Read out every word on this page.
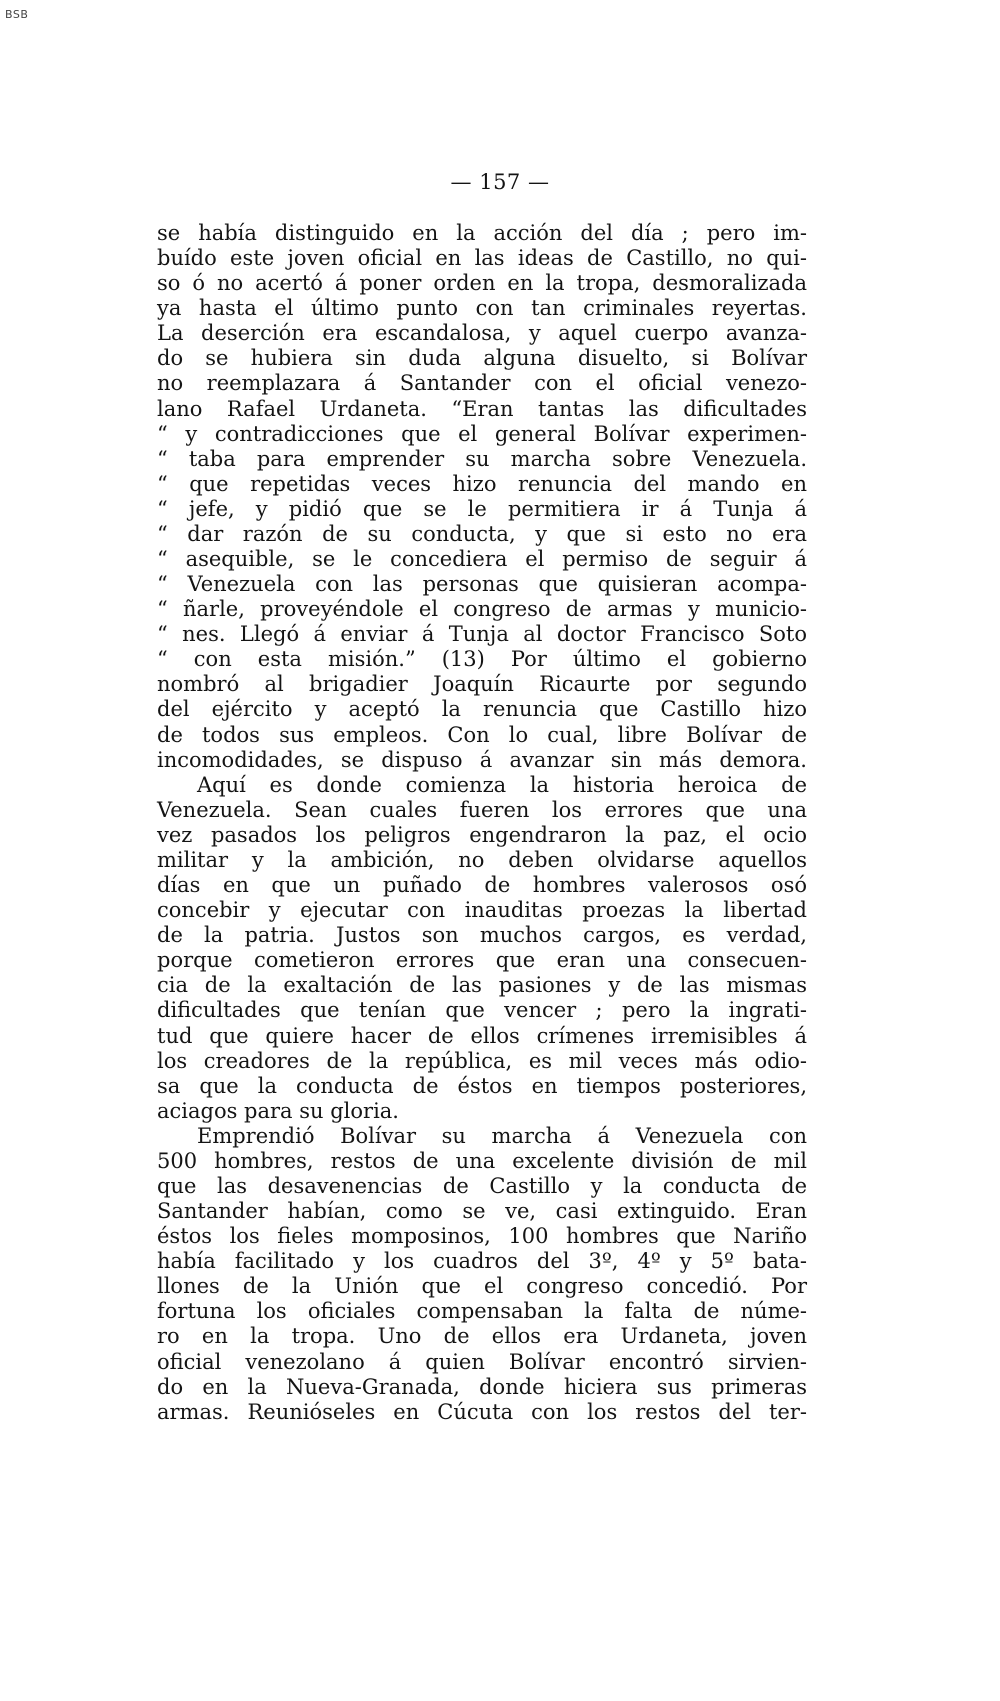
BSB
— 157 —
se había distinguido en la acción del día ; pero im-
buído este joven oficial en las ideas de Castillo, no qui-
so ó no acertó á poner orden en la tropa, desmoralizada
ya hasta el último punto con tan criminales reyertas.
La deserción era escandalosa, y aquel cuerpo avanza-
do se hubiera sin duda alguna disuelto, si Bolívar
no reemplazara á Santander con el oficial venezo-
lano Rafael Urdaneta. “Eran tantas las dificultades
“ y contradicciones que el general Bolívar experimen-
“ taba para emprender su marcha sobre Venezuela.
“ que repetidas veces hizo renuncia del mando en
“ jefe, y pidió que se le permitiera ir á Tunja á
“ dar razón de su conducta, y que si esto no era
“ asequible, se le concediera el permiso de seguir á
“ Venezuela con las personas que quisieran acompa-
“ ñarle, proveyéndole el congreso de armas y municio-
“ nes. Llegó á enviar á Tunja al doctor Francisco Soto
“ con esta misión.” (13) Por último el gobierno
nombró al brigadier Joaquín Ricaurte por segundo
del ejército y aceptó la renuncia que Castillo hizo
de todos sus empleos. Con lo cual, libre Bolívar de
incomodidades, se dispuso á avanzar sin más demora.
Aquí es donde comienza la historia heroica de
Venezuela. Sean cuales fueren los errores que una
vez pasados los peligros engendraron la paz, el ocio
militar y la ambición, no deben olvidarse aquellos
días en que un puñado de hombres valerosos osó
concebir y ejecutar con inauditas proezas la libertad
de la patria. Justos son muchos cargos, es verdad,
porque cometieron errores que eran una consecuen-
cia de la exaltación de las pasiones y de las mismas
dificultades que tenían que vencer ; pero la ingrati-
tud que quiere hacer de ellos crímenes irremisibles á
los creadores de la república, es mil veces más odio-
sa que la conducta de éstos en tiempos posteriores,
aciagos para su gloria.
Emprendió Bolívar su marcha á Venezuela con
500 hombres, restos de una excelente división de mil
que las desavenencias de Castillo y la conducta de
Santander habían, como se ve, casi extinguido. Eran
éstos los fieles momposinos, 100 hombres que Nariño
había facilitado y los cuadros del 3º, 4º y 5º bata-
llones de la Unión que el congreso concedió. Por
fortuna los oficiales compensaban la falta de núme-
ro en la tropa. Uno de ellos era Urdaneta, joven
oficial venezolano á quien Bolívar encontró sirvien-
do en la Nueva-Granada, donde hiciera sus primeras
armas. Reunióseles en Cúcuta con los restos del ter-
